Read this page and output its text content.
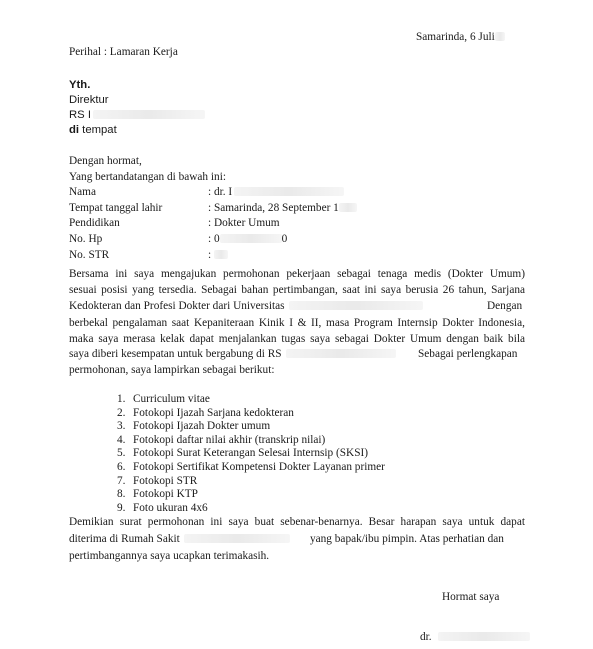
Samarinda, 6 Juli
Perihal : Lamaran Kerja
Yth.
Direktur
RS I
di tempat
Dengan hormat,
Yang bertandatangan di bawah ini:
Nama	: dr. I
Tempat tanggal lahir	: Samarinda, 28 September 1
Pendidikan	: Dokter Umum
No. Hp	: 0	0
No. STR	:
Bersama ini saya mengajukan permohonan pekerjaan sebagai tenaga medis (Dokter Umum)
sesuai posisi yang tersedia. Sebagai bahan pertimbangan, saat ini saya berusia 26 tahun, Sarjana
Kedokteran dan Profesi Dokter dari Universitas	Dengan
berbekal pengalaman saat Kepaniteraan Kinik I & II, masa Program Internsip Dokter Indonesia,
maka saya merasa kelak dapat menjalankan tugas saya sebagai Dokter Umum dengan baik bila
saya diberi kesempatan untuk bergabung di RS	Sebagai perlengkapan
permohonan, saya lampirkan sebagai berikut:
1. Curriculum vitae
2. Fotokopi Ijazah Sarjana kedokteran
3. Fotokopi Ijazah Dokter umum
4. Fotokopi daftar nilai akhir (transkrip nilai)
5. Fotokopi Surat Keterangan Selesai Internsip (SKSI)
6. Fotokopi Sertifikat Kompetensi Dokter Layanan primer
7. Fotokopi STR
8. Fotokopi KTP
9. Foto ukuran 4x6
Demikian surat permohonan ini saya buat sebenar-benarnya. Besar harapan saya untuk dapat
diterima di Rumah Sakit	yang bapak/ibu pimpin. Atas perhatian dan
pertimbangannya saya ucapkan terimakasih.
Hormat saya
dr.
